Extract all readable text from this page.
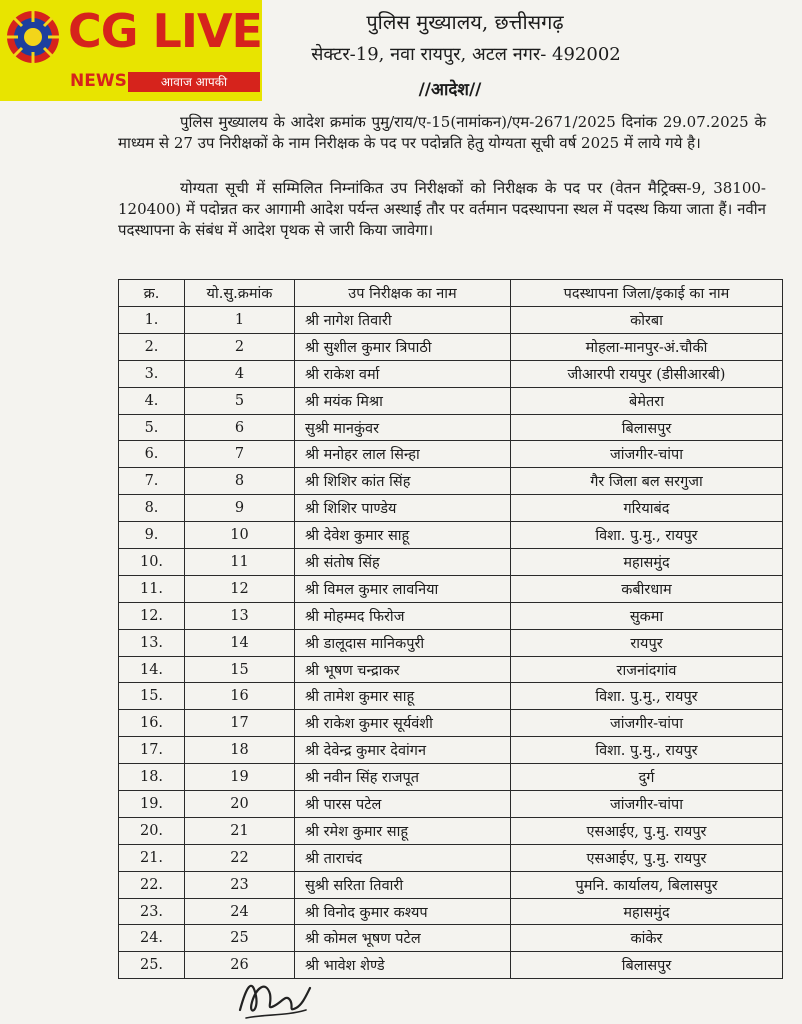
CG LIVE
NEWS	आवाज आपकी
पुलिस मुख्यालय, छत्तीसगढ़
सेक्टर-19, नवा रायपुर, अटल नगर- 492002
//आदेश//
पुलिस मुख्यालय के आदेश क्रमांक पुमु/राय/ए-15(नामांकन)/एम-2671/2025 दिनांक 29.07.2025 के माध्यम से 27 उप निरीक्षकों के नाम निरीक्षक के पद पर पदोन्नति हेतु योग्यता सूची वर्ष 2025 में लाये गये है।
योग्यता सूची में सम्मिलित निम्नांकित उप निरीक्षकों को निरीक्षक के पद पर (वेतन मैट्रिक्स-9, 38100-120400) में पदोन्नत कर आगामी आदेश पर्यन्त अस्थाई तौर पर वर्तमान पदस्थापना स्थल में पदस्थ किया जाता हैं। नवीन पदस्थापना के संबंध में आदेश पृथक से जारी किया जावेगा।
क्र.	यो.सु.क्रमांक	उप निरीक्षक का नाम	पदस्थापना जिला/इकाई का नाम
1.	1	श्री नागेश तिवारी	कोरबा
2.	2	श्री सुशील कुमार त्रिपाठी	मोहला-मानपुर-अं.चौकी
3.	4	श्री राकेश वर्मा	जीआरपी रायपुर (डीसीआरबी)
4.	5	श्री मयंक मिश्रा	बेमेतरा
5.	6	सुश्री मानकुंवर	बिलासपुर
6.	7	श्री मनोहर लाल सिन्हा	जांजगीर-चांपा
7.	8	श्री शिशिर कांत सिंह	गैर जिला बल सरगुजा
8.	9	श्री शिशिर पाण्डेय	गरियाबंद
9.	10	श्री देवेश कुमार साहू	विशा. पु.मु., रायपुर
10.	11	श्री संतोष सिंह	महासमुंद
11.	12	श्री विमल कुमार लावनिया	कबीरधाम
12.	13	श्री मोहम्मद फिरोज	सुकमा
13.	14	श्री डालूदास मानिकपुरी	रायपुर
14.	15	श्री भूषण चन्द्राकर	राजनांदगांव
15.	16	श्री तामेश कुमार साहू	विशा. पु.मु., रायपुर
16.	17	श्री राकेश कुमार सूर्यवंशी	जांजगीर-चांपा
17.	18	श्री देवेन्द्र कुमार देवांगन	विशा. पु.मु., रायपुर
18.	19	श्री नवीन सिंह राजपूत	दुर्ग
19.	20	श्री पारस पटेल	जांजगीर-चांपा
20.	21	श्री रमेश कुमार साहू	एसआईए, पु.मु. रायपुर
21.	22	श्री ताराचंद	एसआईए, पु.मु. रायपुर
22.	23	सुश्री सरिता तिवारी	पुमनि. कार्यालय, बिलासपुर
23.	24	श्री विनोद कुमार कश्यप	महासमुंद
24.	25	श्री कोमल भूषण पटेल	कांकेर
25.	26	श्री भावेश शेण्डे	बिलासपुर
